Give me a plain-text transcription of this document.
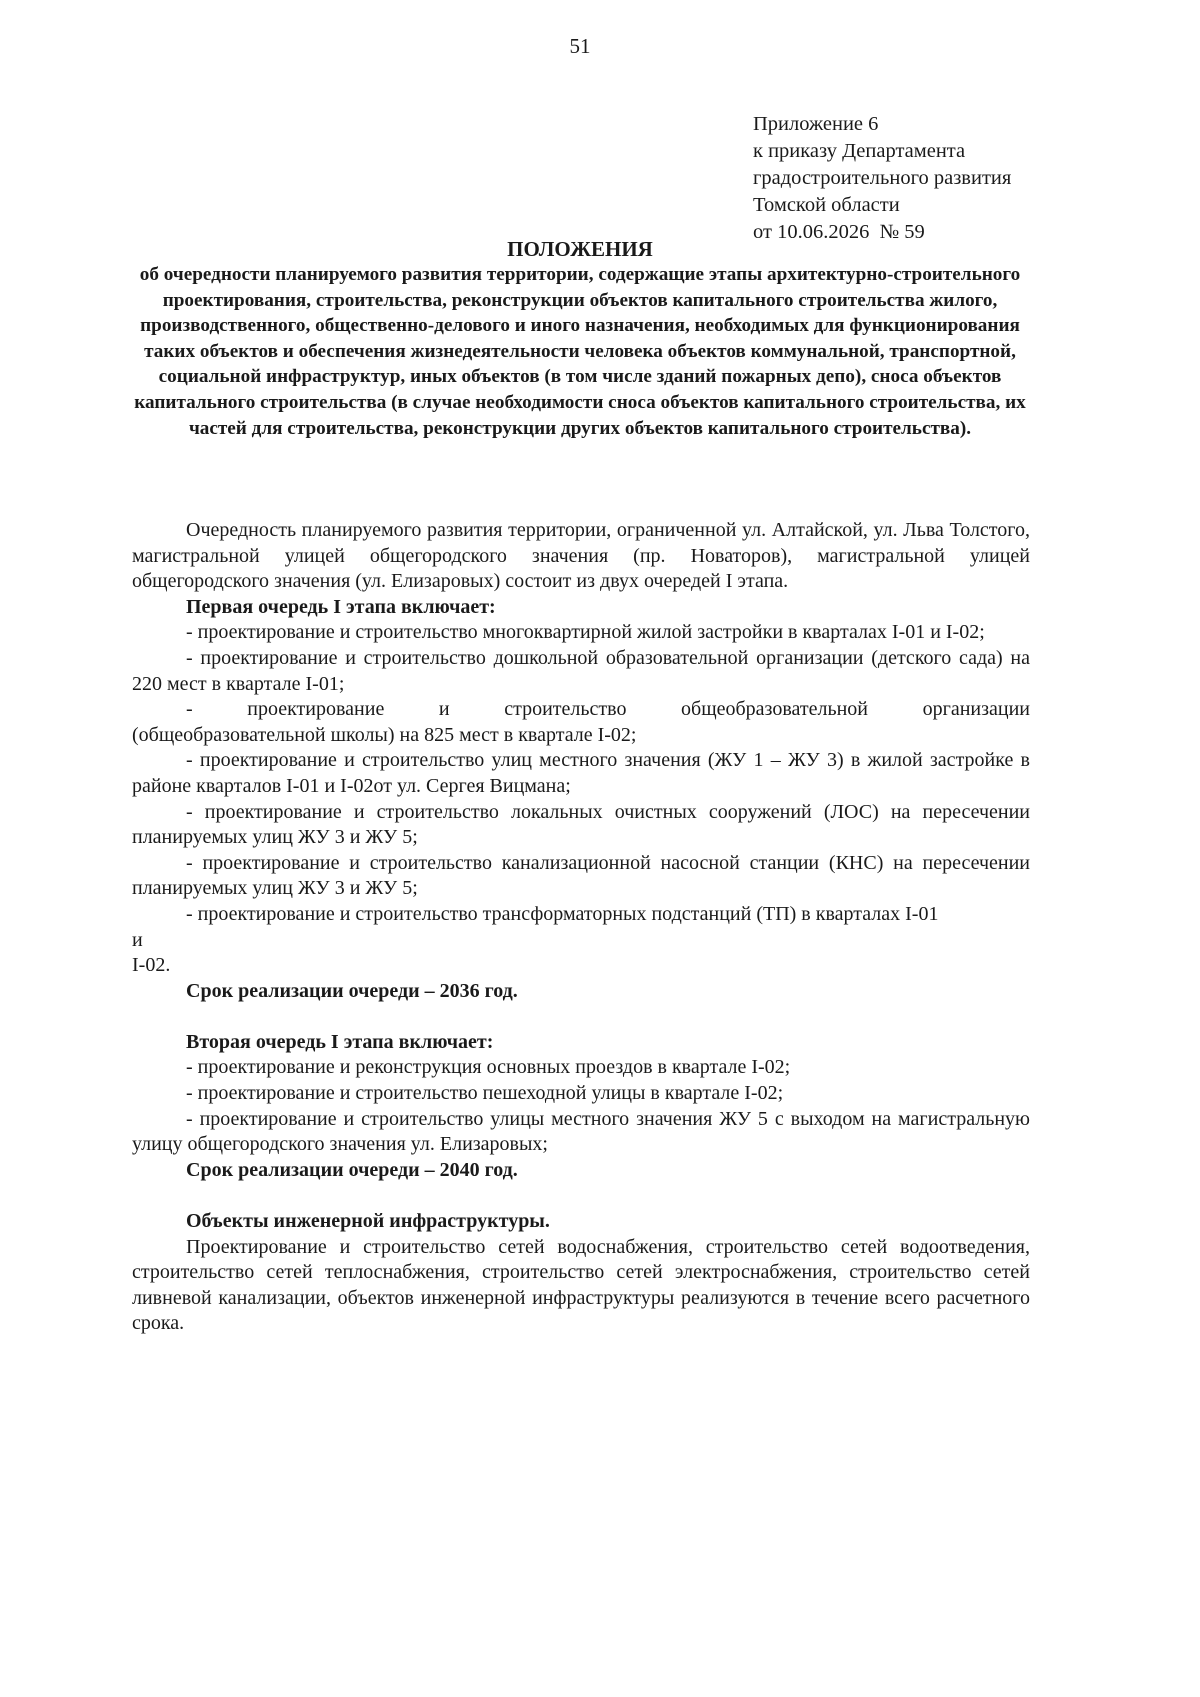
51
Приложение 6
к приказу Департамента
градостроительного развития
Томской области
от 10.06.2026  № 59
ПОЛОЖЕНИЯ
об очередности планируемого развития территории, содержащие этапы архитектурно-строительного проектирования, строительства, реконструкции объектов капитального строительства жилого, производственного, общественно-делового и иного назначения, необходимых для функционирования таких объектов и обеспечения жизнедеятельности человека объектов коммунальной, транспортной, социальной инфраструктур, иных объектов (в том числе зданий пожарных депо), сноса объектов капитального строительства (в случае необходимости сноса объектов капитального строительства, их частей для строительства, реконструкции других объектов капитального строительства).

Очередность планируемого развития территории, ограниченной ул. Алтайской, ул. Льва Толстого, магистральной улицей общегородского значения (пр. Новаторов), магистральной улицей общегородского значения (ул. Елизаровых) состоит из двух очередей I этапа.

Первая очередь I этапа включает:

- проектирование и строительство многоквартирной жилой застройки в кварталах I-01 и I-02;

- проектирование и строительство дошкольной образовательной организации (детского сада) на 220 мест в квартале I-01;

-     проектирование     и     строительство     общеобразовательной     организации (общеобразовательной школы) на 825 мест в квартале I-02;

- проектирование и строительство улиц местного значения (ЖУ 1 – ЖУ 3) в жилой застройке в районе кварталов I-01 и I-02от ул. Сергея Вицмана;

- проектирование и строительство локальных очистных сооружений (ЛОС) на пересечении планируемых улиц ЖУ 3 и ЖУ 5;

- проектирование и строительство канализационной насосной станции (КНС) на пересечении планируемых улиц ЖУ 3 и ЖУ 5;

- проектирование и строительство трансформаторных подстанций (ТП) в кварталах I-01

и

I-02.

Срок реализации очереди – 2036 год.
Вторая очередь I этапа включает:

- проектирование и реконструкция основных проездов в квартале I-02;

- проектирование и строительство пешеходной улицы в квартале I-02;

- проектирование и строительство улицы местного значения ЖУ 5 с выходом на магистральную улицу общегородского значения ул. Елизаровых;

Срок реализации очереди – 2040 год.
Объекты инженерной инфраструктуры.

Проектирование и строительство сетей водоснабжения, строительство сетей водоотведения, строительство сетей теплоснабжения, строительство сетей электроснабжения, строительство сетей ливневой канализации, объектов инженерной инфраструктуры реализуются в течение всего расчетного срока.
